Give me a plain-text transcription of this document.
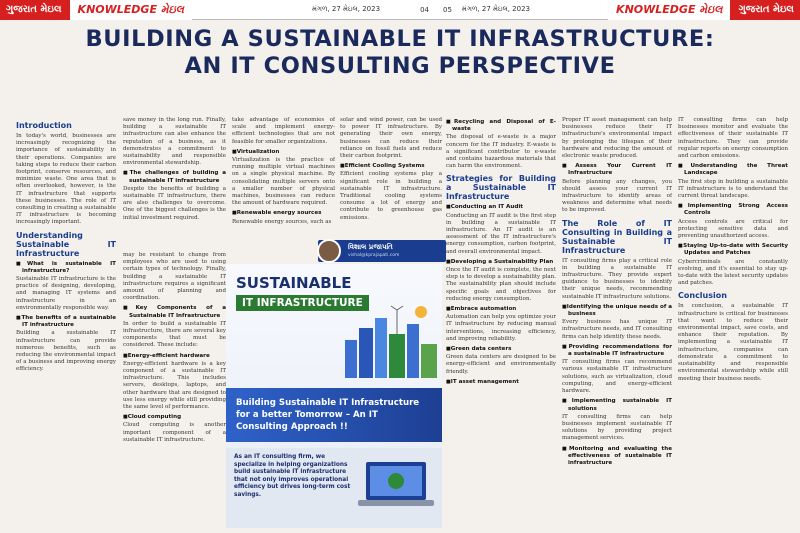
ગુજરાત મેઇલ	KNOWLEDGE મેઇલ	મંગળ, 27 મેઇલ, 2023	04 05 મંગળ, 27 મેઇલ, 2023	KNOWLEDGE મેઇલ	ગુજરાત મેઇલ
BUILDING A SUSTAINABLE IT INFRASTRUCTURE:
AN IT CONSULTING PERSPECTIVE
Introduction

In today's world, businesses are increasingly recognizing the importance of sustainability in their operations. Companies are taking steps to reduce their carbon footprint, conserve resources, and minimize waste. One area that is often overlooked, however, is the IT infrastructure that supports these businesses. The role of IT consulting in creating a sustainable IT infrastructure is becoming increasingly important.

Understanding Sustainable IT Infrastructure
■ What is sustainable IT infrastructure?

Sustainable IT infrastructure is the practice of designing, developing, and managing IT systems and infrastructure in an environmentally responsible way.

■ The benefits of a sustainable IT infrastructure

Building a sustainable IT infrastructure can provide numerous benefits, such as reducing the environmental impact of a business and improving energy efficiency.

save money in the long run. Finally, building a sustainable IT infrastructure can also enhance the reputation of a business, as it demonstrates a commitment to sustainability and responsible environmental stewardship.

■ The challenges of building a sustainable IT infrastructure

Despite the benefits of building a sustainable IT infrastructure, there are also challenges to overcome. One of the biggest challenges is the initial investment required.

take advantage of economies of scale and implement energy-efficient technologies that are not feasible for smaller organizations.

■ Virtualization

Virtualization is the practice of running multiple virtual machines on a single physical machine. By consolidating multiple servers onto a smaller number of physical machines, businesses can reduce the amount of hardware required.

■ Renewable energy sources

Renewable energy sources, such as

solar and wind power, can be used to power IT infrastructure. By generating their own energy, businesses can reduce their reliance on fossil fuels and reduce their carbon footprint.

■ Efficient Cooling Systems

Efficient cooling systems play a significant role in building a sustainable IT infrastructure. Traditional cooling systems consume a lot of energy and contribute to greenhouse gas emissions.

વિશાલ પ્રજાપતિ
vishal@kprajapati.com

may be resistant to change from employees who are used to using certain types of technology. Finally, building a sustainable IT infrastructure requires a significant amount of planning and coordination.

■ Key Components of a Sustainable IT Infrastructure

In order to build a sustainable IT infrastructure, there are several key components that must be considered. These include:

■ Energy-efficient hardware

Energy-efficient hardware is a key component of a sustainable IT infrastructure. This includes servers, desktops, laptops, and other hardware that are designed to use less energy while still providing the same level of performance.

■ Cloud computing

Cloud computing is another important component of a sustainable IT infrastructure.

SUSTAINABLE
IT INFRASTRUCTURE
Building Sustainable IT Infrastructure for a better Tomorrow – An IT Consulting Approach !!
As an IT consulting firm, we specialize in helping organizations build sustainable IT infrastructure that not only improves operational efficiency but drives long-term cost savings.
■ Recycling and Disposal of E-waste

The disposal of e-waste is a major concern for the IT industry. E-waste is a significant contributor to e-waste and contains hazardous materials that can harm the environment.

Strategies for Building a Sustainable IT Infrastructure
■ Conducting an IT Audit

Conducting an IT audit is the first step in building a sustainable IT infrastructure. An IT audit is an assessment of the IT infrastructure's energy consumption, carbon footprint, and overall environmental impact.

■ Developing a Sustainability Plan

Once the IT audit is complete, the next step is to develop a sustainability plan. The sustainability plan should include specific goals and objectives for reducing energy consumption.

■ Embrace automation

Automation can help you optimize your IT infrastructure by reducing manual interventions, increasing efficiency, and improving reliability.

■ Green data centers

Green data centers are designed to be energy-efficient and environmentally friendly.

■ IT asset management

Proper IT asset management can help businesses reduce their IT infrastructure's environmental impact by prolonging the lifespan of their hardware and reducing the amount of electronic waste produced.

■ Assess Your Current IT Infrastructure

Before planning any changes, you should assess your current IT infrastructure to identify areas of weakness and determine what needs to be improved.

The Role of IT Consulting in Building a Sustainable IT Infrastructure

IT consulting firms play a critical role in building a sustainable IT infrastructure. They provide expert guidance to businesses to identify their unique needs, recommending sustainable IT infrastructure solutions.

■ Identifying the unique needs of a business

Every business has unique IT infrastructure needs, and IT consulting firms can help identify these needs.

■ Providing recommendations for a sustainable IT infrastructure

IT consulting firms can recommend various sustainable IT infrastructure solutions, such as virtualization, cloud computing, and energy-efficient hardware.

■ Implementing sustainable IT solutions

IT consulting firms can help businesses implement sustainable IT solutions by providing project management services.

■ Monitoring and evaluating the effectiveness of sustainable IT infrastructure

IT consulting firms can help businesses monitor and evaluate the effectiveness of their sustainable IT infrastructure. They can provide regular reports on energy consumption and carbon emissions.

■ Understanding the Threat Landscape

The first step in building a sustainable IT infrastructure is to understand the current threat landscape.

■ Implementing Strong Access Controls

Access controls are critical for protecting sensitive data and preventing unauthorized access.

■ Staying Up-to-date with Security Updates and Patches

Cybercriminals are constantly evolving, and it's essential to stay up-to-date with the latest security updates and patches.

Conclusion

In conclusion, a sustainable IT infrastructure is critical for businesses that want to reduce their environmental impact, save costs, and enhance their reputation. By implementing a sustainable IT infrastructure, companies can demonstrate a commitment to sustainability and responsible environmental stewardship while still meeting their business needs.
